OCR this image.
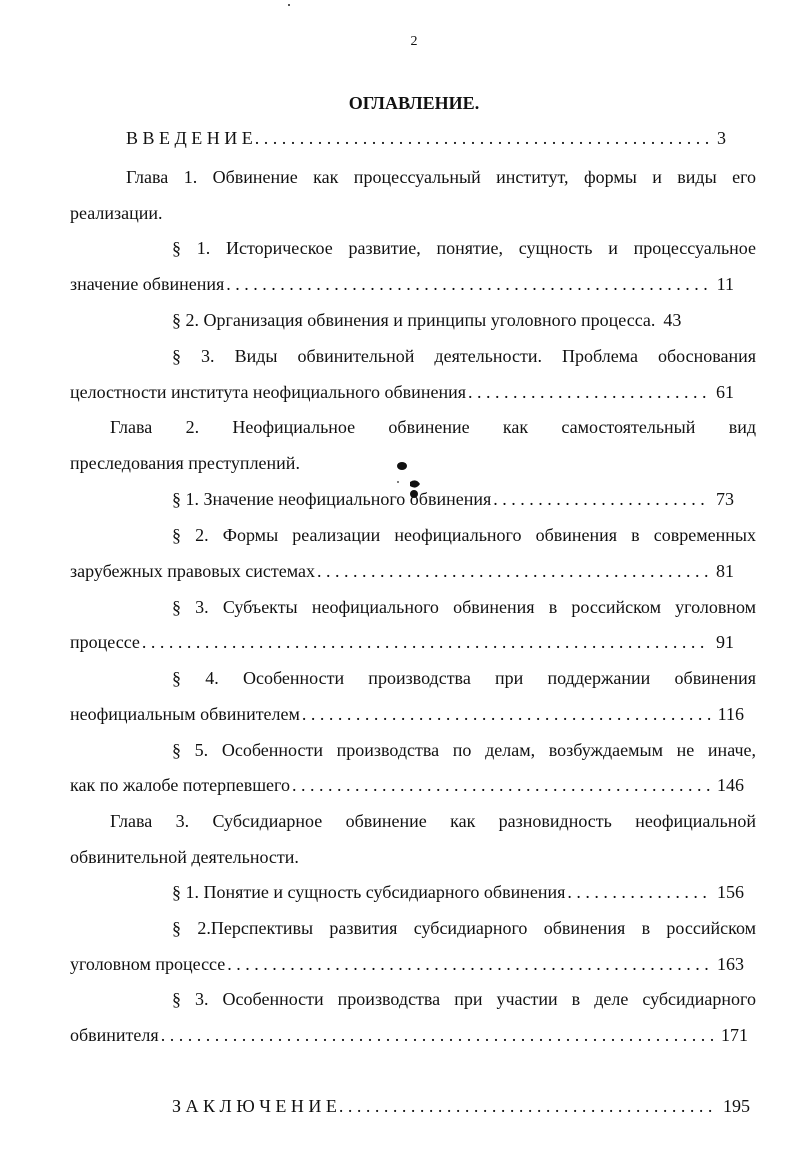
2
ОГЛАВЛЕНИЕ.
В В Е Д Е Н И Е . . .	3
Глава 1. Обвинение как процессуальный институт, формы и виды его
реализации.
§ 1. Историческое развитие, понятие, сущность и процессуальное
значение обвинения . . .	11
§ 2. Организация обвинения и принципы уголовного процесса. 43
§ 3. Виды обвинительной деятельности. Проблема обоснования
целостности института неофициального обвинения . . .	61
Глава 2. Неофициальное обвинение как самостоятельный вид
преследования преступлений.
§ 1. Значение неофициального обвинения . . .	73
§ 2. Формы реализации неофициального обвинения в современных
зарубежных правовых системах . . .	81
§ 3. Субъекты неофициального обвинения в российском уголовном
процессе . . .	91
§ 4. Особенности производства при поддержании обвинения
неофициальным обвинителем . . .	116
§ 5. Особенности производства по делам, возбуждаемым не иначе,
как по жалобе потерпевшего . . .	146
Глава 3. Субсидиарное обвинение как разновидность неофициальной
обвинительной деятельности.
§ 1. Понятие и сущность субсидиарного обвинения . . .	156
§ 2.Перспективы развития субсидиарного обвинения в российском
уголовном процессе . . .	163
§ 3. Особенности производства при участии в деле субсидиарного
обвинителя . . .	171
З А К Л Ю Ч Е Н И Е . . .	195
